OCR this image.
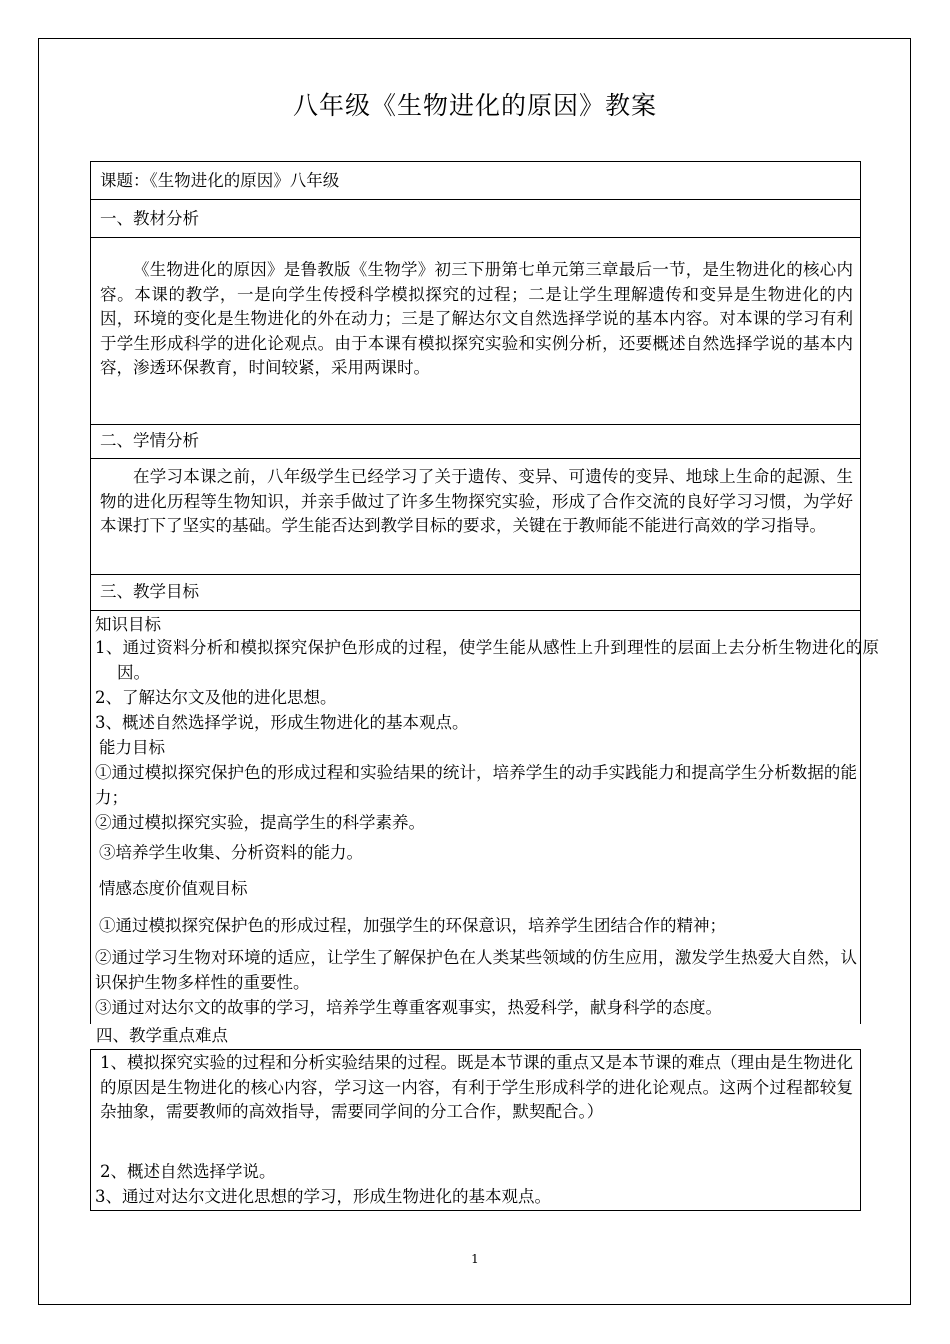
八年级《生物进化的原因》教案
课题：《生物进化的原因》八年级
一、教材分析
《生物进化的原因》是鲁教版《生物学》初三下册第七单元第三章最后一节，是生物进化的核心内容。本课的教学，一是向学生传授科学模拟探究的过程；二是让学生理解遗传和变异是生物进化的内因，环境的变化是生物进化的外在动力；三是了解达尔文自然选择学说的基本内容。对本课的学习有利于学生形成科学的进化论观点。由于本课有模拟探究实验和实例分析，还要概述自然选择学说的基本内容，渗透环保教育，时间较紧，采用两课时。
二、学情分析
在学习本课之前，八年级学生已经学习了关于遗传、变异、可遗传的变异、地球上生命的起源、生物的进化历程等生物知识，并亲手做过了许多生物探究实验，形成了合作交流的良好学习习惯，为学好本课打下了坚实的基础。学生能否达到教学目标的要求，关键在于教师能不能进行高效的学习指导。
三、教学目标
知识目标
1、通过资料分析和模拟探究保护色形成的过程，使学生能从感性上升到理性的层面上去分析生物进化的原因。
2、了解达尔文及他的进化思想。
3、概述自然选择学说，形成生物进化的基本观点。
能力目标
①通过模拟探究保护色的形成过程和实验结果的统计，培养学生的动手实践能力和提高学生分析数据的能力；
②通过模拟探究实验，提高学生的科学素养。
③培养学生收集、分析资料的能力。
情感态度价值观目标
①通过模拟探究保护色的形成过程，加强学生的环保意识，培养学生团结合作的精神；
②通过学习生物对环境的适应，让学生了解保护色在人类某些领域的仿生应用，激发学生热爱大自然，认识保护生物多样性的重要性。
③通过对达尔文的故事的学习，培养学生尊重客观事实，热爱科学，献身科学的态度。
四、教学重点难点
1、模拟探究实验的过程和分析实验结果的过程。既是本节课的重点又是本节课的难点（理由是生物进化的原因是生物进化的核心内容，学习这一内容，有利于学生形成科学的进化论观点。这两个过程都较复杂抽象，需要教师的高效指导，需要同学间的分工合作，默契配合。）
2、概述自然选择学说。
3、通过对达尔文进化思想的学习，形成生物进化的基本观点。
1
